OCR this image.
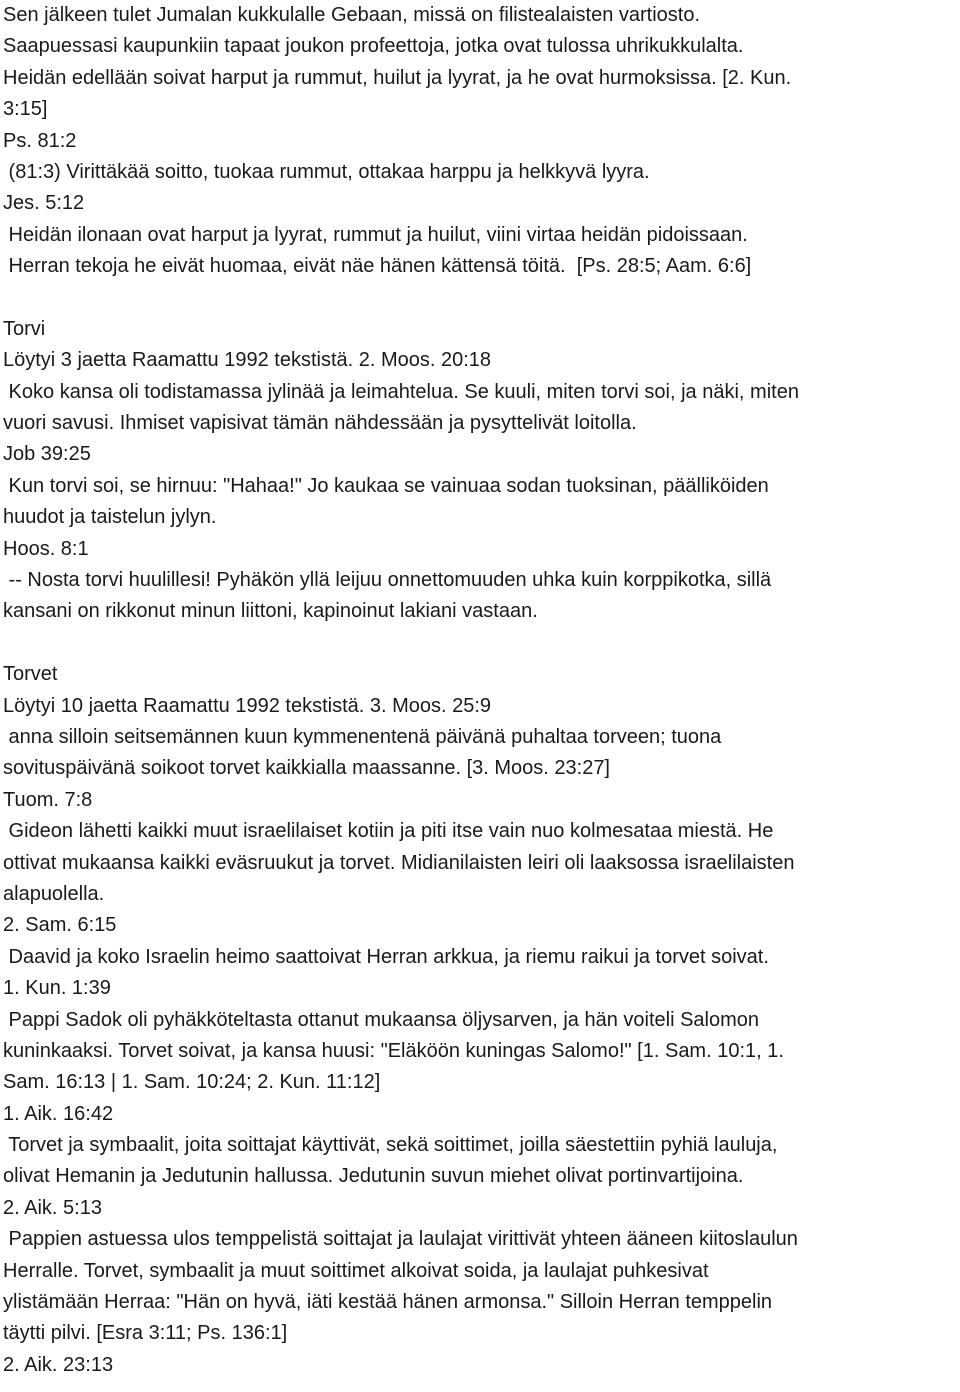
Sen jälkeen tulet Jumalan kukkulalle Gebaan, missä on filistealaisten vartiosto.

Saapuessasi kaupunkiin tapaat joukon profeettoja, jotka ovat tulossa uhrikukkulalta.

Heidän edellään soivat harput ja rummut, huilut ja lyyrat, ja he ovat hurmoksissa. [2. Kun.

3:15]

Ps. 81:2

(81:3) Virittäkää soitto, tuokaa rummut, ottakaa harppu ja helkkyvä lyyra.

Jes. 5:12

Heidän ilonaan ovat harput ja lyyrat, rummut ja huilut, viini virtaa heidän pidoissaan.

Herran tekoja he eivät huomaa, eivät näe hänen kättensä töitä.  [Ps. 28:5; Aam. 6:6]

Torvi

Löytyi 3 jaetta Raamattu 1992 tekstistä. 2. Moos. 20:18

Koko kansa oli todistamassa jylinää ja leimahtelua. Se kuuli, miten torvi soi, ja näki, miten

vuori savusi. Ihmiset vapisivat tämän nähdessään ja pysyttelivät loitolla.

Job 39:25

Kun torvi soi, se hirnuu: "Hahaa!" Jo kaukaa se vainuaa sodan tuoksinan, päälliköiden

huudot ja taistelun jylyn.

Hoos. 8:1

-- Nosta torvi huulillesi! Pyhäkön yllä leijuu onnettomuuden uhka kuin korppikotka, sillä

kansani on rikkonut minun liittoni, kapinoinut lakiani vastaan.

Torvet

Löytyi 10 jaetta Raamattu 1992 tekstistä. 3. Moos. 25:9

anna silloin seitsemännen kuun kymmenentenä päivänä puhaltaa torveen; tuona

sovituspäivänä soikoot torvet kaikkialla maassanne. [3. Moos. 23:27]

Tuom. 7:8

Gideon lähetti kaikki muut israelilaiset kotiin ja piti itse vain nuo kolmesataa miestä. He

ottivat mukaansa kaikki eväsruukut ja torvet. Midianilaisten leiri oli laaksossa israelilaisten

alapuolella.

2. Sam. 6:15

Daavid ja koko Israelin heimo saattoivat Herran arkkua, ja riemu raikui ja torvet soivat.

1. Kun. 1:39

Pappi Sadok oli pyhäkköteltasta ottanut mukaansa öljysarven, ja hän voiteli Salomon

kuninkaaksi. Torvet soivat, ja kansa huusi: "Eläköön kuningas Salomo!" [1. Sam. 10:1, 1.

Sam. 16:13 | 1. Sam. 10:24; 2. Kun. 11:12]

1. Aik. 16:42

Torvet ja symbaalit, joita soittajat käyttivät, sekä soittimet, joilla säestettiin pyhiä lauluja,

olivat Hemanin ja Jedutunin hallussa. Jedutunin suvun miehet olivat portinvartijoina.

2. Aik. 5:13

Pappien astuessa ulos temppelistä soittajat ja laulajat virittivät yhteen ääneen kiitoslaulun

Herralle. Torvet, symbaalit ja muut soittimet alkoivat soida, ja laulajat puhkesivat

ylistämään Herraa: "Hän on hyvä, iäti kestää hänen armonsa." Silloin Herran temppelin

täytti pilvi. [Esra 3:11; Ps. 136:1]

2. Aik. 23:13
